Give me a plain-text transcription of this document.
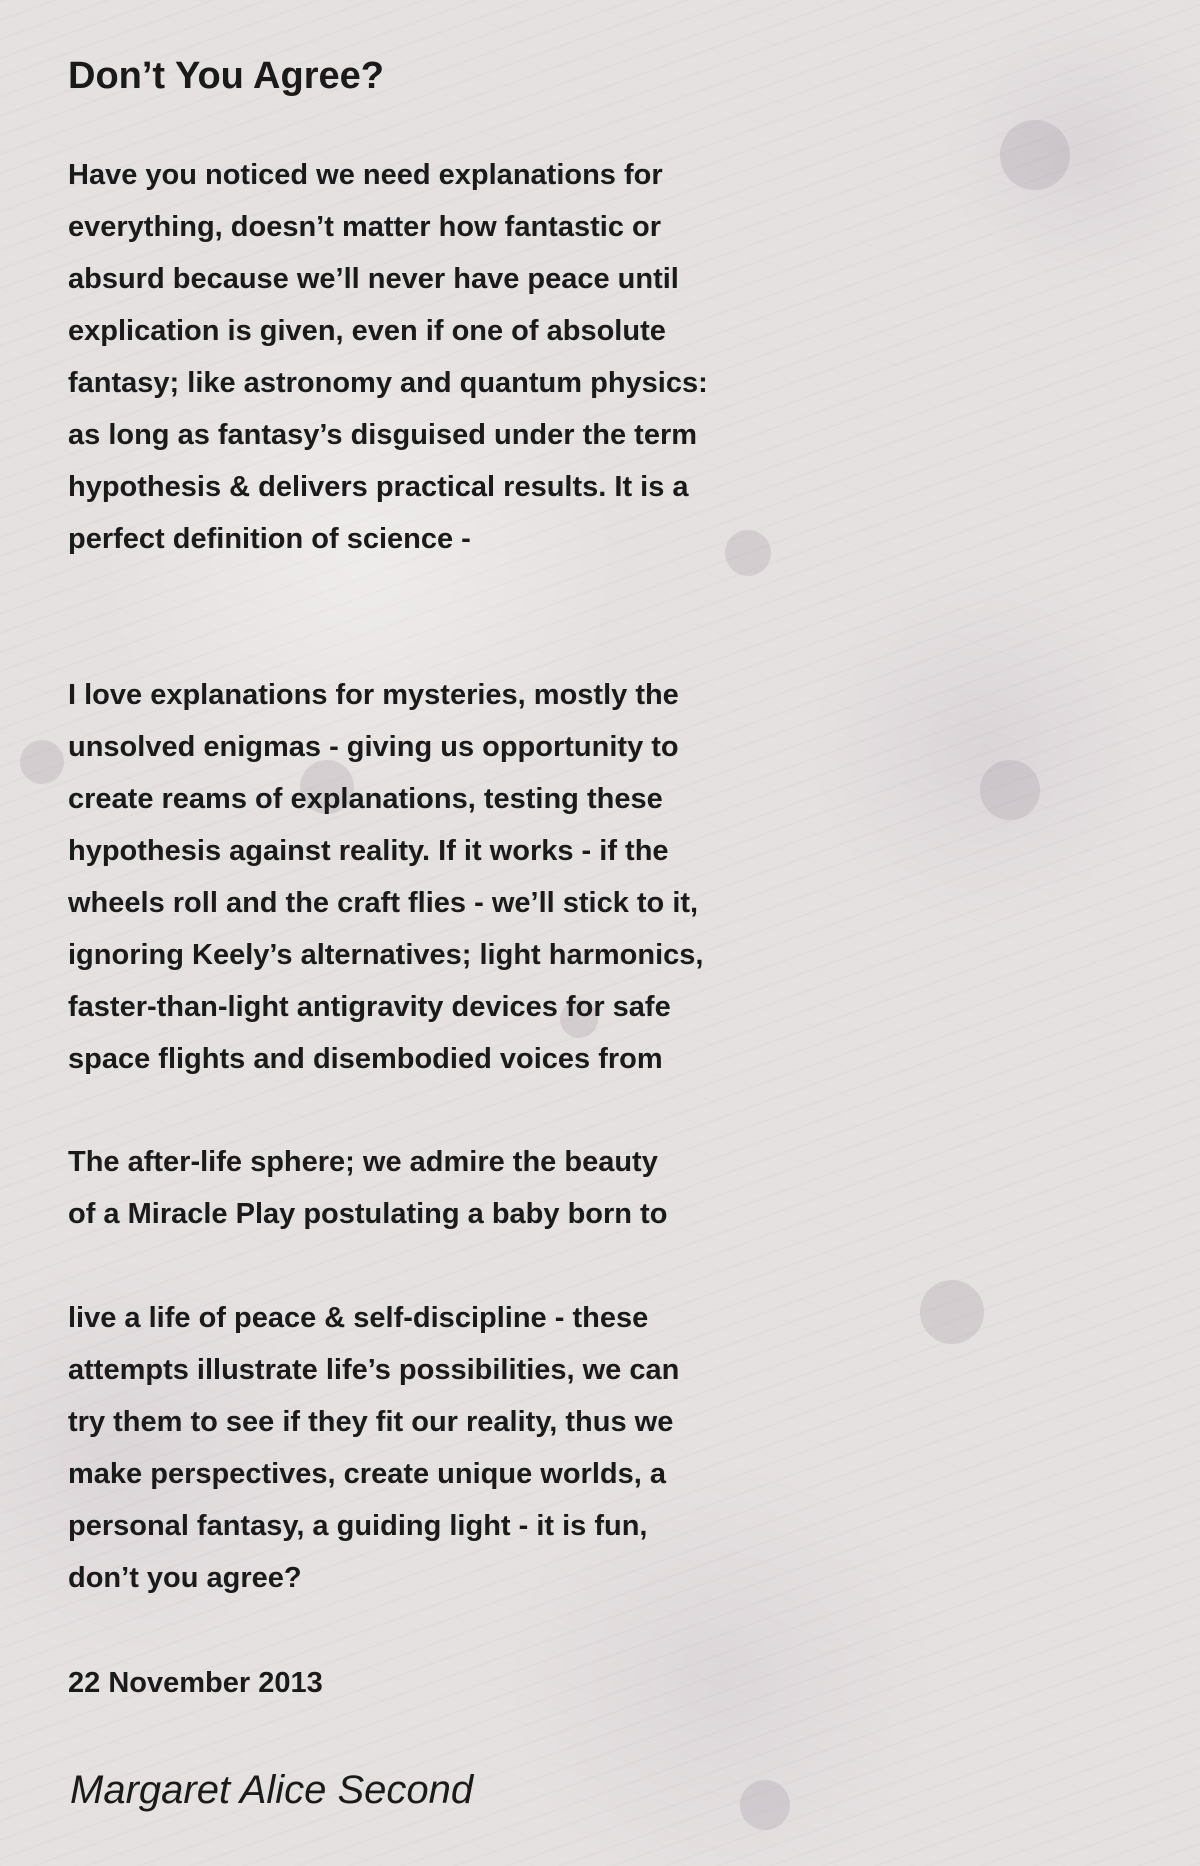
Don’t You Agree?
Have you noticed we need explanations for
everything, doesn’t matter how fantastic or
absurd because we’ll never have peace until
explication is given, even if one of absolute
fantasy; like astronomy and quantum physics:
as long as fantasy’s disguised under the term
hypothesis & delivers practical results. It is a
perfect definition of science -
I love explanations for mysteries, mostly the
unsolved enigmas - giving us opportunity to
create reams of explanations, testing these
hypothesis against reality. If it works - if the
wheels roll and the craft flies - we’ll stick to it,
ignoring Keely’s alternatives; light harmonics,
faster-than-light antigravity devices for safe
space flights and disembodied voices from
The after-life sphere; we admire the beauty
of a Miracle Play postulating a baby born to
live a life of peace & self-discipline - these
attempts illustrate life’s possibilities, we can
try them to see if they fit our reality, thus we
make perspectives, create unique worlds, a
personal fantasy, a guiding light - it is fun,
don’t you agree?
22 November 2013
Margaret Alice Second
